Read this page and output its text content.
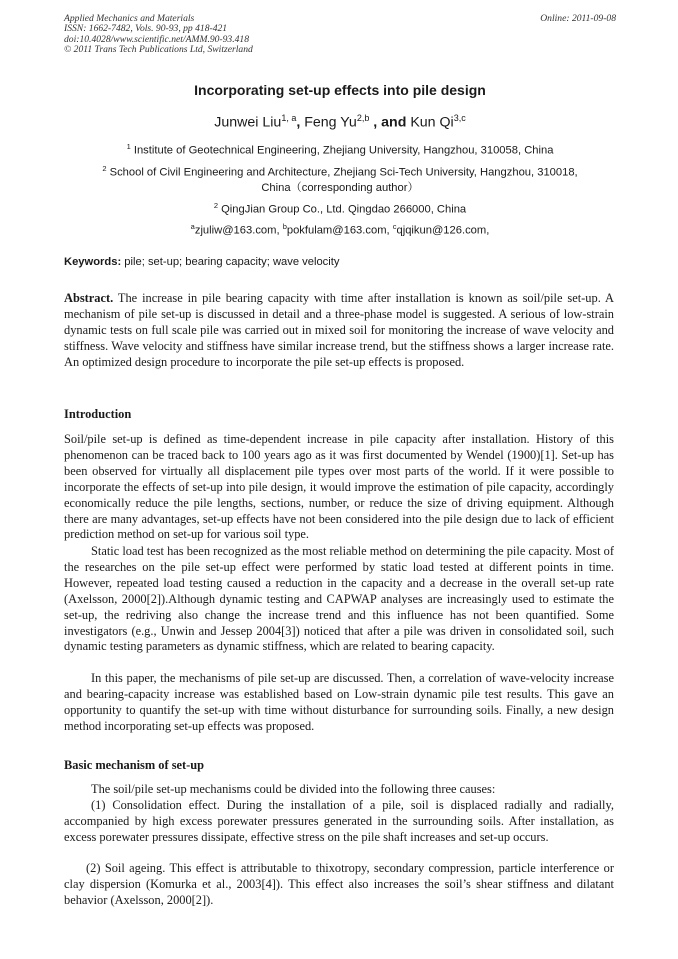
Applied Mechanics and Materials
ISSN: 1662-7482, Vols. 90-93, pp 418-421
doi:10.4028/www.scientific.net/AMM.90-93.418
© 2011 Trans Tech Publications Ltd, Switzerland
Online: 2011-09-08
Incorporating set-up effects into pile design
Junwei Liu$^{1, a}$, Feng Yu$^{2,b}$ , and Kun Qi$^{3,c}$
$^1$ Institute of Geotechnical Engineering, Zhejiang University, Hangzhou, 310058, China
$^2$ School of Civil Engineering and Architecture, Zhejiang Sci-Tech University, Hangzhou, 310018,
China（corresponding author）
$^2$ QingJian Group Co., Ltd. Qingdao 266000, China
$^a$zjuliw@163.com, $^b$pokfulam@163.com, $^c$qjqikun@126.com,
Keywords: pile; set-up; bearing capacity; wave velocity
Abstract. The increase in pile bearing capacity with time after installation is known as soil/pile set-up. A mechanism of pile set-up is discussed in detail and a three-phase model is suggested. A serious of low-strain dynamic tests on full scale pile was carried out in mixed soil for monitoring the increase of wave velocity and stiffness. Wave velocity and stiffness have similar increase trend, but the stiffness shows a larger increase rate. An optimized design procedure to incorporate the pile set-up effects is proposed.
Introduction
Soil/pile set-up is defined as time-dependent increase in pile capacity after installation. History of this phenomenon can be traced back to 100 years ago as it was first documented by Wendel (1900)[1]. Set-up has been observed for virtually all displacement pile types over most parts of the world. If it were possible to incorporate the effects of set-up into pile design, it would improve the estimation of pile capacity, accordingly economically reduce the pile lengths, sections, number, or reduce the size of driving equipment. Although there are many advantages, set-up effects have not been considered into the pile design due to lack of efficient prediction method on set-up for various soil type.
Static load test has been recognized as the most reliable method on determining the pile capacity. Most of the researches on the pile set-up effect were performed by static load tested at different points in time. However, repeated load testing caused a reduction in the capacity and a decrease in the overall set-up rate (Axelsson, 2000[2]).Although dynamic testing and CAPWAP analyses are increasingly used to estimate the set-up, the redriving also change the increase trend and this influence has not been quantified. Some investigators (e.g., Unwin and Jessep 2004[3]) noticed that after a pile was driven in consolidated soil, such dynamic testing parameters as dynamic stiffness, which are related to bearing capacity.
In this paper, the mechanisms of pile set-up are discussed. Then, a correlation of wave-velocity increase and bearing-capacity increase was established based on Low-strain dynamic pile test results. This gave an opportunity to quantify the set-up with time without disturbance for surrounding soils. Finally, a new design method incorporating set-up effects was proposed.
Basic mechanism of set-up
The soil/pile set-up mechanisms could be divided into the following three causes:
(1) Consolidation effect. During the installation of a pile, soil is displaced radially and radially, accompanied by high excess porewater pressures generated in the surrounding soils. After installation, as excess porewater pressures dissipate, effective stress on the pile shaft increases and set-up occurs.
(2) Soil ageing. This effect is attributable to thixotropy, secondary compression, particle interference or clay dispersion (Komurka et al., 2003[4]). This effect also increases the soil’s shear stiffness and dilatant behavior (Axelsson, 2000[2]).
